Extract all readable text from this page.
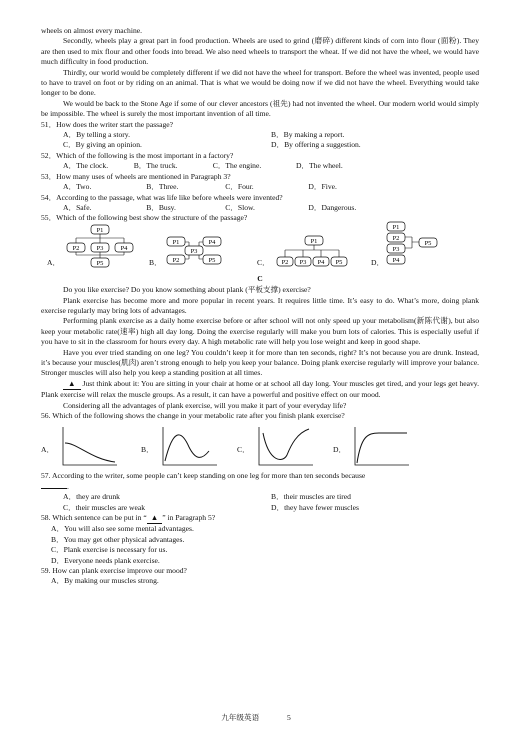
wheels on almost every machine.

Secondly, wheels play a great part in food production. Wheels are used to grind (磨碎) different kinds of corn into flour (面粉). They are then used to mix flour and other foods into bread. We also need wheels to transport the wheat. If we did not have the wheel, we would have much difficulty in food production.

Thirdly, our world would be completely different if we did not have the wheel for transport. Before the wheel was invented, people used to have to travel on foot or by riding on an animal. That is what we would be doing now if we did not have the wheel. Everything would take longer to be done.

We would be back to the Stone Age if some of our clever ancestors (祖先) had not invented the wheel. Our modern world would simply be impossible. The wheel is surely the most important invention of all time.

51．How does the writer start the passage?

A．By telling a story.	B．By making a report.
C．By giving an opinion.	D．By offering a suggestion.

52．Which of the following is the most important in a factory?

A．The clock.	B．The truck.	C．The engine.	D．The wheel.

53．How many uses of wheels are mentioned in Paragraph 3?

A．Two.	B．Three.	C．Four.	D．Five.

54．According to the passage, what was life like before wheels were invented?

A．Safe.	B．Busy.	C．Slow.	D．Dangerous.

55．Which of the following best show the structure of the passage?

A．
P1
P2	P3	P4
P5	B．
P1	P4
P3
P2	P5	C．
P1
P2 P3 P4 P5	D．
P1
P2
P3
P4
P5

C

Do you like exercise? Do you know something about plank (平板支撑) exercise?

Plank exercise has become more and more popular in recent years. It requires little time. It’s easy to do. What’s more, doing plank exercise regularly may bring lots of advantages.

Performing plank exercise as a daily home exercise before or after school will not only speed up your metabolism(新陈代谢), but also keep your metabolic rate(速率) high all day long. Doing the exercise regularly will make you burn lots of calories. This is especially useful if you have to sit in the classroom for hours every day. A high metabolic rate will help you lose weight and keep in good shape.

Have you ever tried standing on one leg? You couldn’t keep it for more than ten seconds, right? It’s not because you are drunk. Instead, it’s because your muscles(肌肉) aren’t strong enough to help you keep your balance. Doing plank exercise regularly will improve your balance. Stronger muscles will also help you keep a standing position at all times.

▲ Just think about it: You are sitting in your chair at home or at school all day long. Your muscles get tired, and your legs get heavy. Plank exercise will relax the muscle groups. As a result, it can have a powerful and positive effect on our mood.

Considering all the advantages of plank exercise, will you make it part of your everyday life?

56. Which of the following shows the change in your metabolic rate after you finish plank exercise?

A．	B．	C．	D．

57. According to the writer, some people can’t keep standing on one leg for more than ten seconds because
.

A．they are drunk	B．their muscles are tired
C．their muscles are weak	D．they have fewer muscles

58. Which sentence can be put in “ ▲ ” in Paragraph 5?

A．You will also see some mental advantages.

B．You may get other physical advantages.

C．Plank exercise is necessary for us.

D．Everyone needs plank exercise.

59. How can plank exercise improve our mood?

A．By making our muscles strong.

九年级英语	5
